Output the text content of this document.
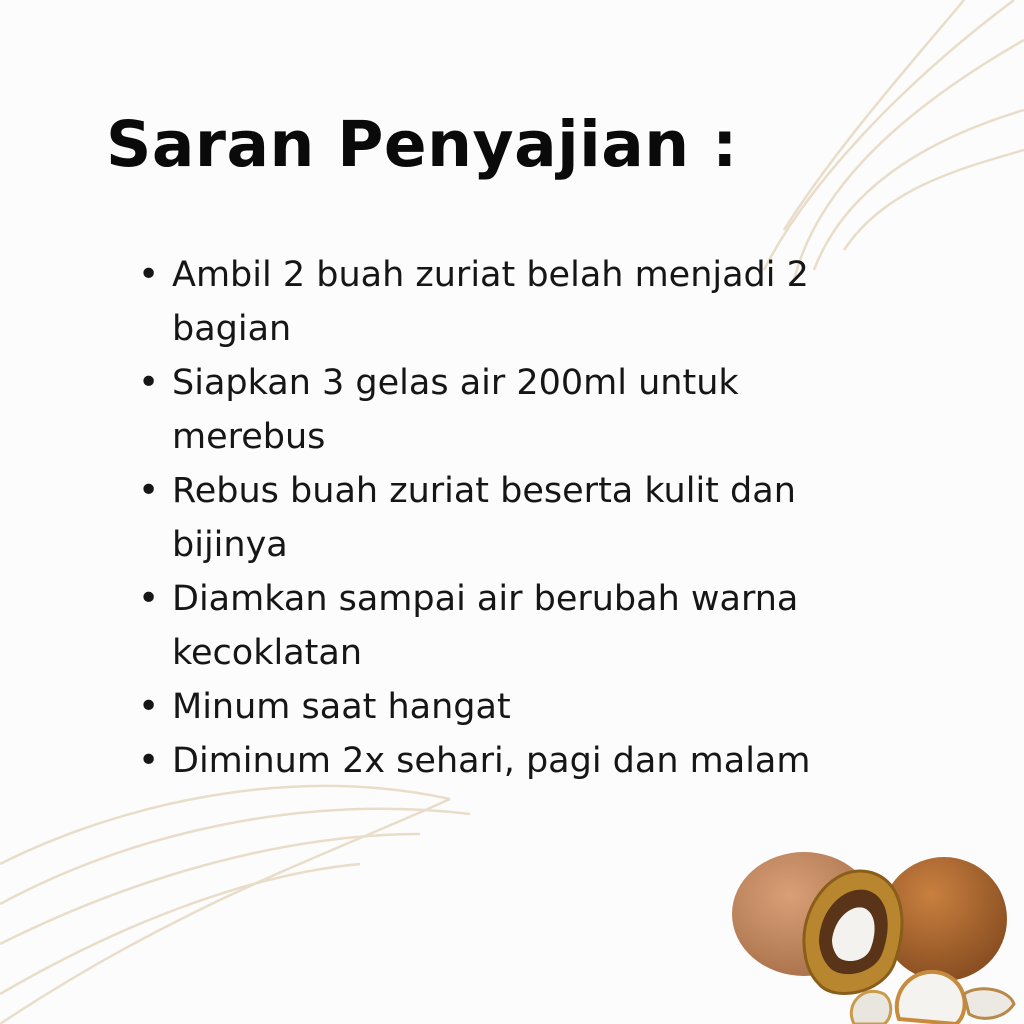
Saran Penyajian :
• Ambil 2 buah zuriat belah menjadi 2 bagian
• Siapkan 3 gelas air 200ml untuk merebus
• Rebus buah zuriat beserta kulit dan bijinya
• Diamkan sampai air berubah warna kecoklatan
• Minum saat hangat
• Diminum 2x sehari, pagi dan malam
